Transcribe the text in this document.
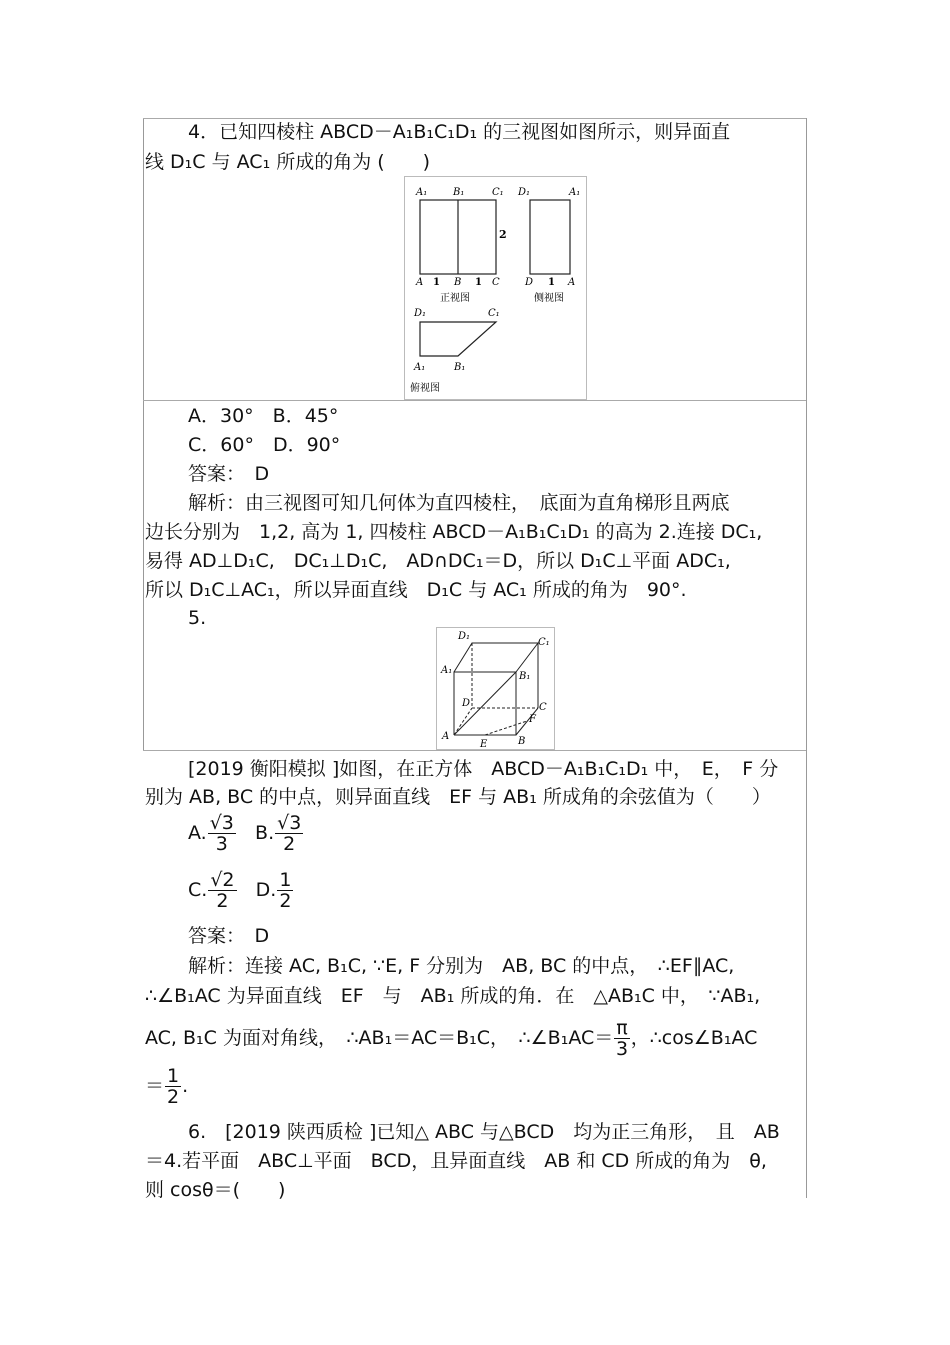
4．已知四棱柱 ABCD－A₁B₁C₁D₁ 的三视图如图所示，则异面直
线 D₁C 与 AC₁ 所成的角为 (　　)
A₁	B₁	C₁
2
A 1 B 1 C
正视图
D₁	A₁
D 1 A
侧视图
D₁	C₁
A₁	B₁
俯视图
A．30°　B．45°
C．60°　D．90°
答案：　D
解析：由三视图可知几何体为直四棱柱，　底面为直角梯形且两底
边长分别为　1,2, 高为 1, 四棱柱 ABCD－A₁B₁C₁D₁ 的高为 2.连接 DC₁,
易得 AD⊥D₁C,　DC₁⊥D₁C,　AD∩DC₁＝D，所以 D₁C⊥平面 ADC₁,
所以 D₁C⊥AC₁，所以异面直线　D₁C 与 AC₁ 所成的角为　90°.
5.
D₁
C₁
A₁
B₁
D	C
F
A
E	B
[2019 衡阳模拟 ]如图，在正方体　ABCD－A₁B₁C₁D₁ 中，　E，　F 分
别为 AB, BC 的中点，则异面直线　EF 与 AB₁ 所成角的余弦值为（　　）
A. $\frac{√3}{3} B$. $\frac{√3}{2}$
C. $\frac{√2}{2} D$. $\frac{1}{2}$
答案：　D
解析：连接 AC, B₁C, ∵E, F 分别为　AB, BC 的中点，　∴EF∥AC,
∴∠B₁AC 为异面直线　EF　与　AB₁ 所成的角．在　△AB₁C 中，　∵AB₁,
AC, B₁C 为面对角线，　∴AB₁＝AC＝B₁C，　∴∠B₁AC＝ $\frac{\pi}{3}$ ，∴cos∠B₁AC
＝ $\frac{1}{2}$ .
6.　[2019 陕西质检 ]已知△ ABC 与△BCD　均为正三角形，　且　AB
＝4.若平面　ABC⊥平面　BCD，且异面直线　AB 和 CD 所成的角为　θ,
则 cosθ＝(　　)
